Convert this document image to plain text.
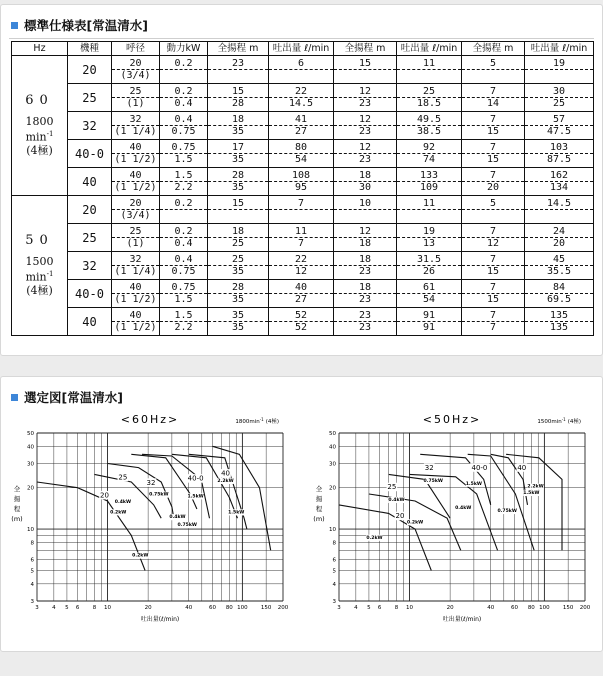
標準仕様表[常温清水]
Hz	機種	呼径	動力kW	全揚程 m	吐出量 ℓ/min	全揚程 m	吐出量 ℓ/min	全揚程 m	吐出量 ℓ/min

60
1800
$\min^{-1}$
(4極)	20	20	0.2	23	6	15	11	5	19
		(3/4)							
	25	25	0.2	15	22	12	25	7	30
		(1)	0.4	28	14.5	23	18.5	14	25
	32	32	0.4	18	41	12	49.5	7	57
		(1 1/4)	0.75	35	27	23	38.5	15	47.5
	40-0	40	0.75	17	80	12	92	7	103
		(1 1/2)	1.5	35	54	23	74	15	87.5
	40	40	1.5	28	108	18	133	7	162
		(1 1/2)	2.2	35	95	30	109	20	134

50
1500
$\min^{-1}$
(4極)	20	20	0.2	15	7	10	11	5	14.5
		(3/4)							
	25	25	0.2	18	11	12	19	7	24
		(1)	0.4	25	7	18	13	12	20
	32	32	0.4	25	22	18	31.5	7	45
		(1 1/4)	0.75	35	12	23	26	15	35.5
	40-0	40	0.75	28	40	18	61	7	84
		(1 1/2)	1.5	35	27	23	54	15	69.5
	40	40	1.5	35	52	23	91	7	135
		(1 1/2)	2.2	35	52	23	91	7	135
選定図[常温清水]
<60Hz>	$1800\min^{-1}$ (4極)
3 4 5 6 8 10	20	40	60 80 100 150 200
3
4
5
6
8
10
20
30
40
50
吐出量(ℓ/min)
全
揚
程
(m)
20
0.2kW
25
0.4kW
0.2kW
32
0.75kW
0.4kW
40-0
1.5kW
0.75kW
2.2kW
1.5kW
40
<50Hz>	$1500\min^{-1}$ (4極)
3 4 5 6 8 10	20	40	60 80 100 150 200
3
4
5
6
8
10
20
30
40
50
吐出量(ℓ/min)
全
揚
程
(m)
32	40-0	40
25
0.4kW
0.75kW
1.5kW
2.2kW
1.5kW
20
0.2kW
0.4kW
0.75kW
0.2kW
